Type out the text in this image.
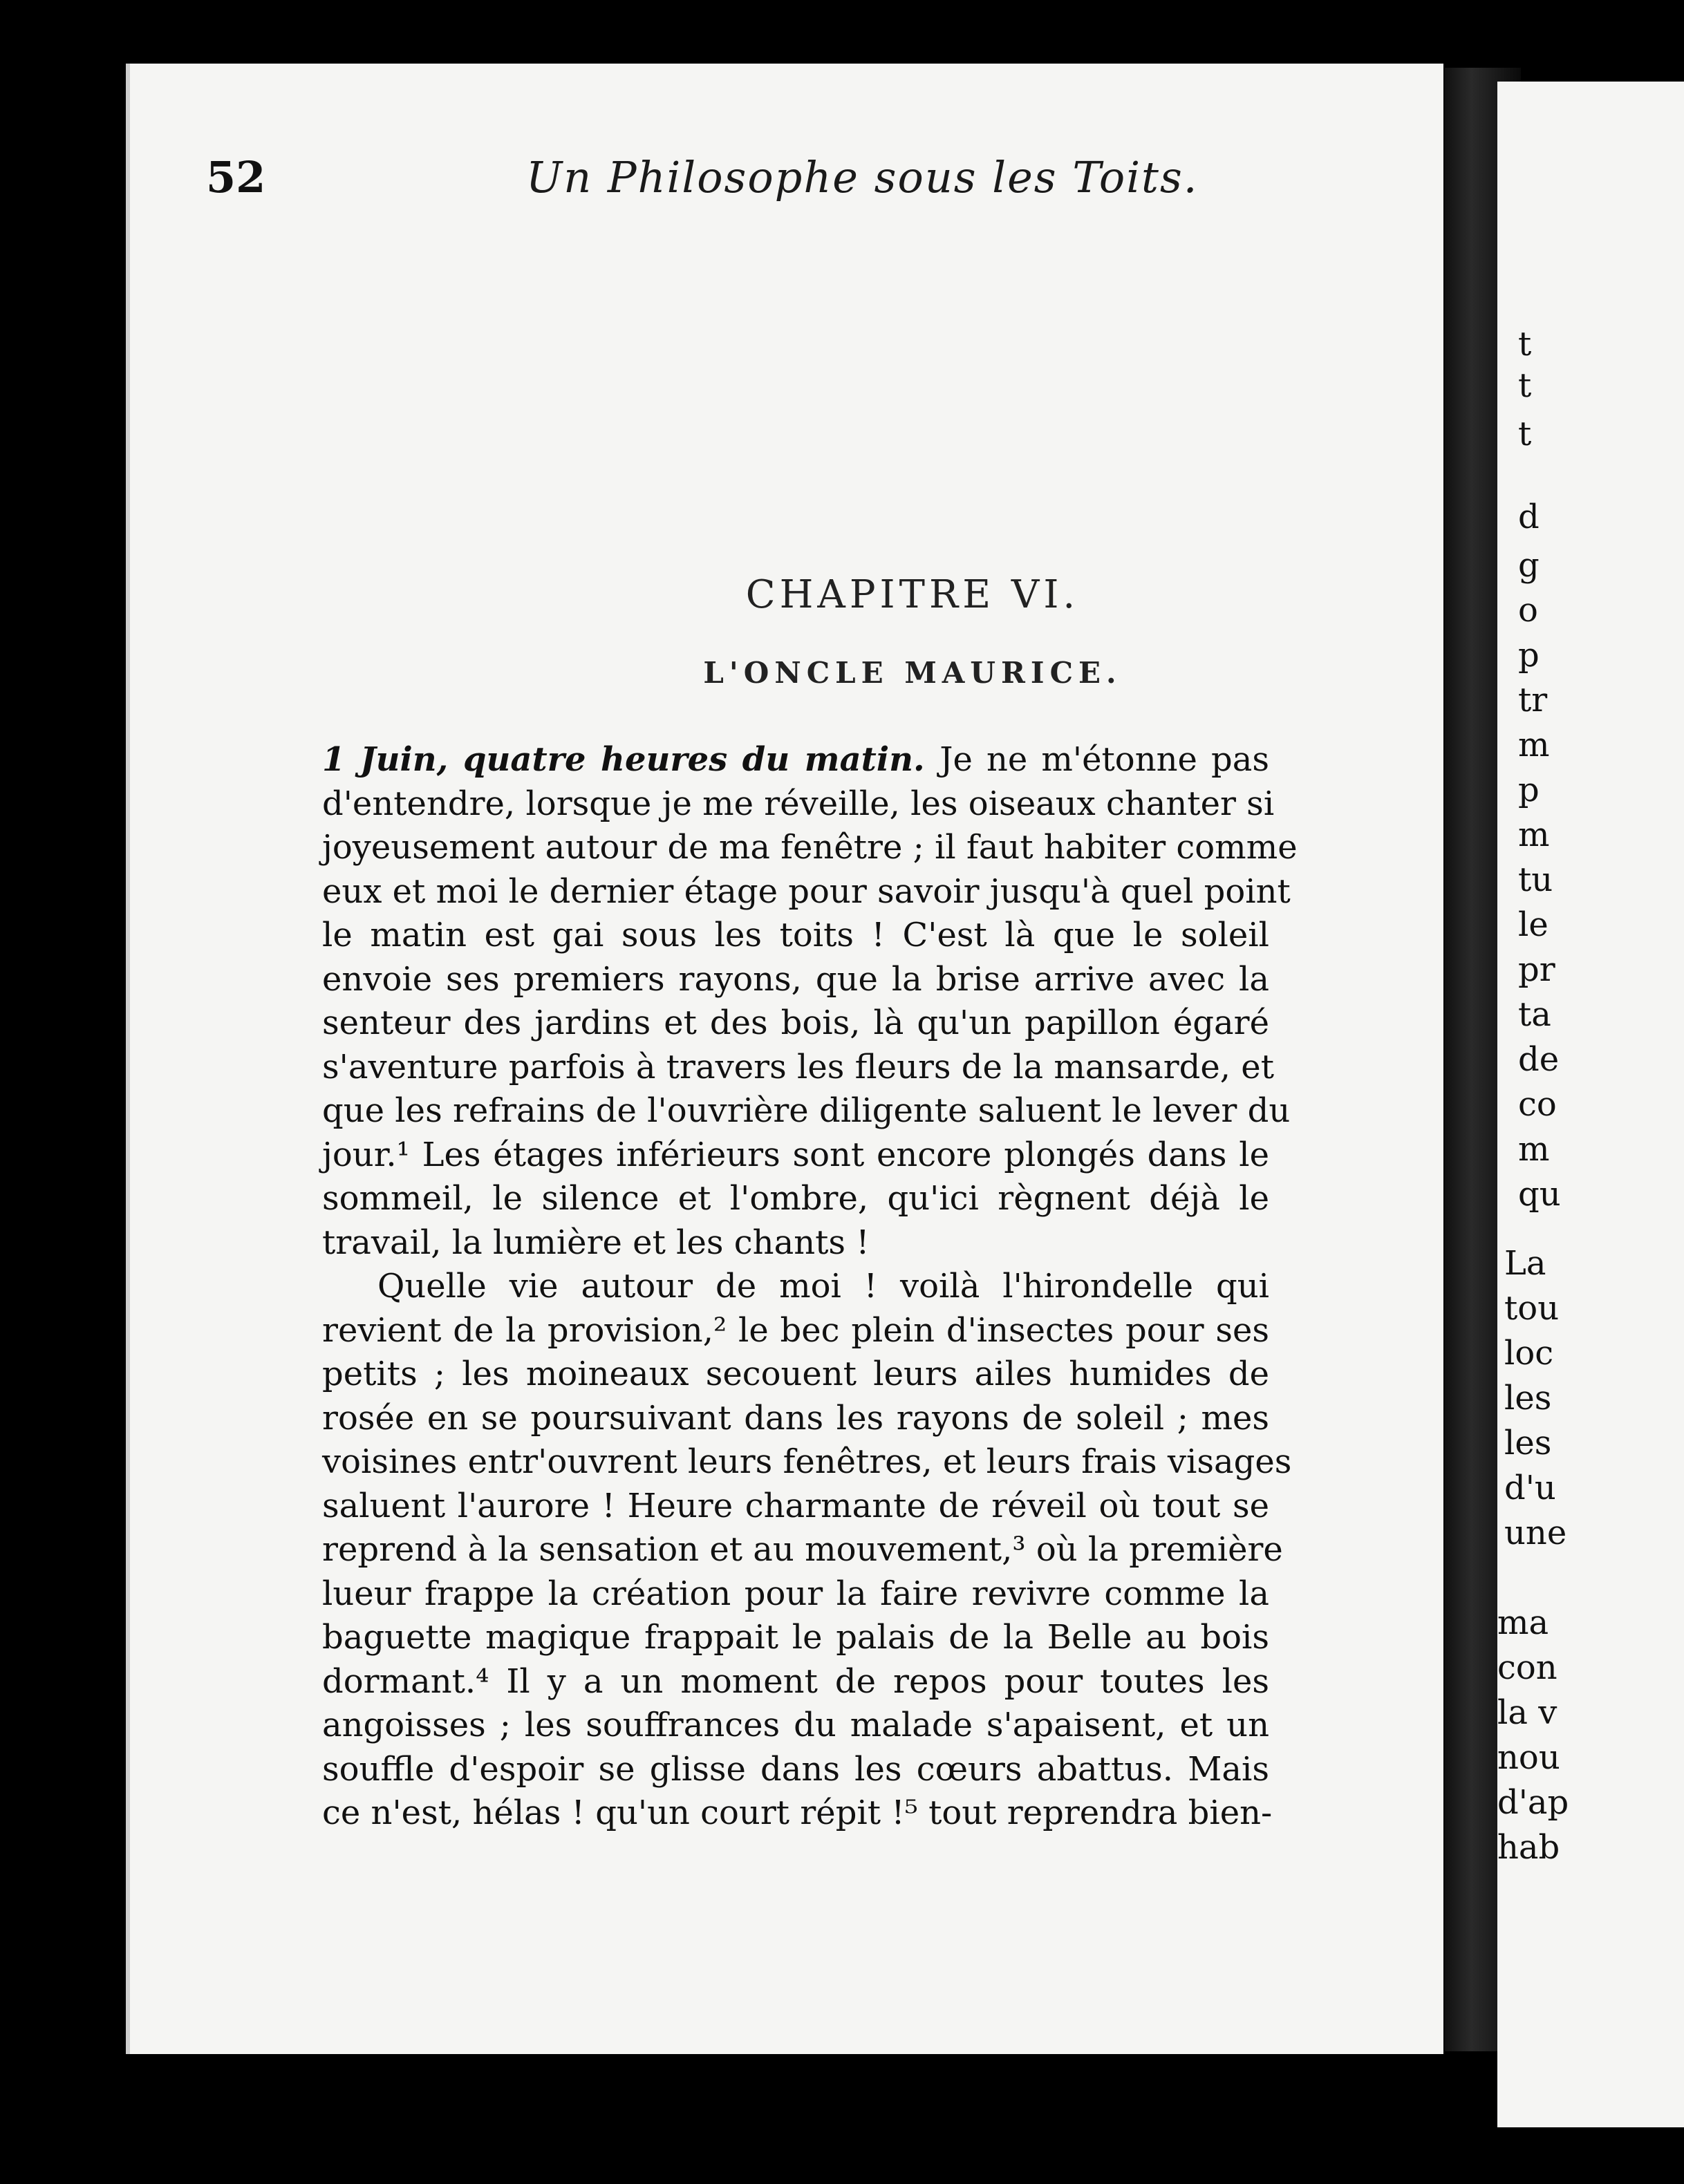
52	Un Philosophe sous les Toits.
CHAPITRE VI.
L'ONCLE MAURICE.
1 Juin, quatre heures du matin. Je ne m'étonne pas
d'entendre, lorsque je me réveille, les oiseaux chanter si
joyeusement autour de ma fenêtre ; il faut habiter comme
eux et moi le dernier étage pour savoir jusqu'à quel point
le matin est gai sous les toits ! C'est là que le soleil
envoie ses premiers rayons, que la brise arrive avec la
senteur des jardins et des bois, là qu'un papillon égaré
s'aventure parfois à travers les fleurs de la mansarde, et
que les refrains de l'ouvrière diligente saluent le lever du
jour.¹ Les étages inférieurs sont encore plongés dans le
sommeil, le silence et l'ombre, qu'ici règnent déjà le
travail, la lumière et les chants !
Quelle vie autour de moi ! voilà l'hirondelle qui
revient de la provision,² le bec plein d'insectes pour ses
petits ; les moineaux secouent leurs ailes humides de
rosée en se poursuivant dans les rayons de soleil ; mes
voisines entr'ouvrent leurs fenêtres, et leurs frais visages
saluent l'aurore ! Heure charmante de réveil où tout se
reprend à la sensation et au mouvement,³ où la première
lueur frappe la création pour la faire revivre comme la
baguette magique frappait le palais de la Belle au bois
dormant.⁴ Il y a un moment de repos pour toutes les
angoisses ; les souffrances du malade s'apaisent, et un
souffle d'espoir se glisse dans les cœurs abattus. Mais
ce n'est, hélas ! qu'un court répit !⁵ tout reprendra bien-
t
t
t
d
g
o
p
tr
m
p
m
tu
le
pr
ta
de
co
m
qu
La
tou
loc
les
les
d'u
une
ma
con
la v
nou
d'ap
hab
